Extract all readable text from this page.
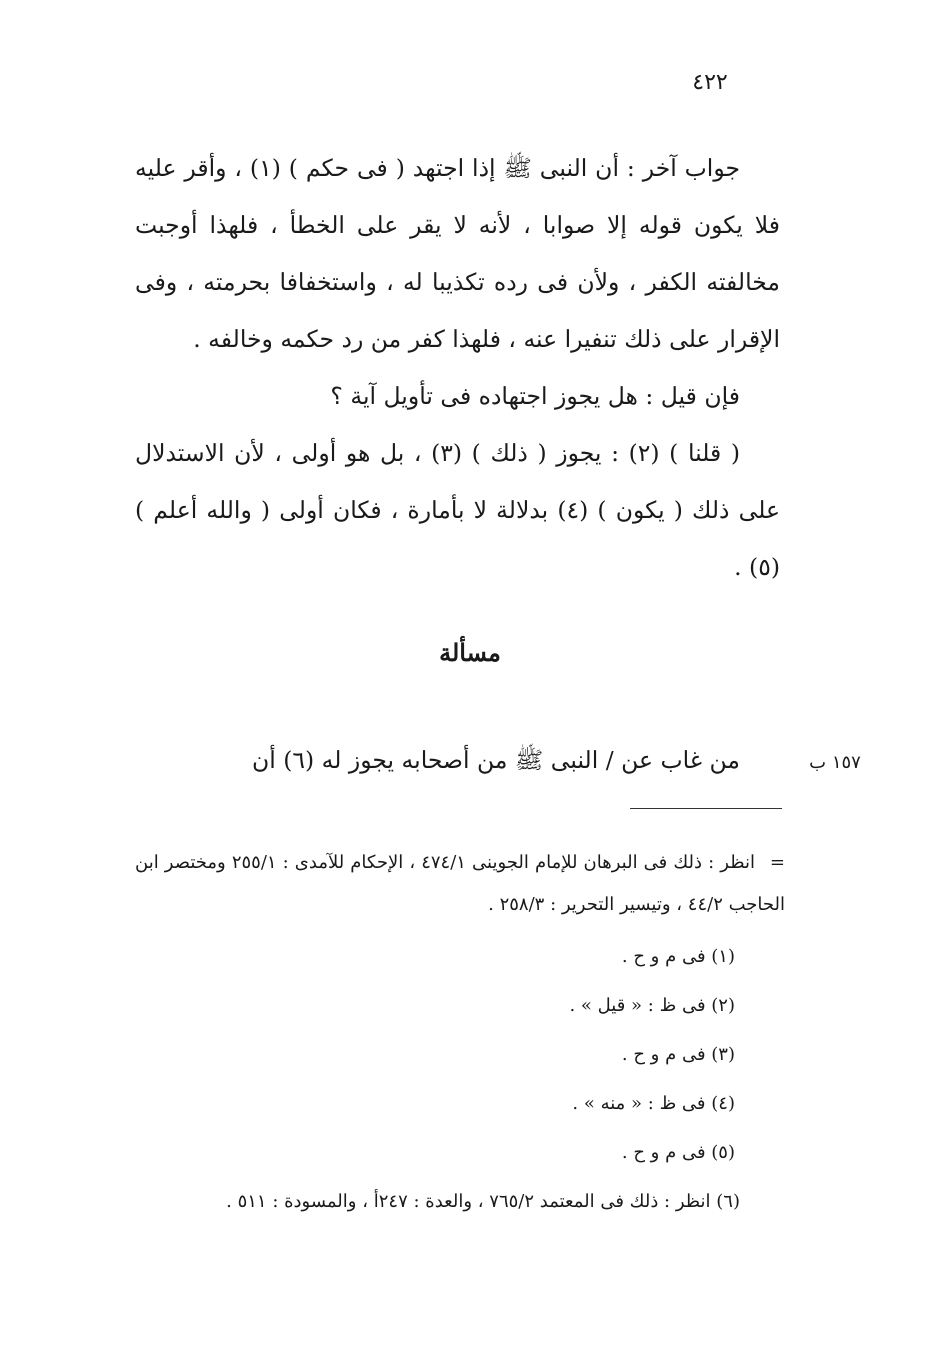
٤٢٢

جواب آخر : أن النبى ﷺ إذا اجتهد ( فى حكم ) (١) ، وأقر عليه فلا يكون قوله إلا صوابا ، لأنه لا يقر على الخطأ ، فلهذا أوجبت مخالفته الكفر ، ولأن فى رده تكذيبا له ، واستخفافا بحرمته ، وفى الإقرار على ذلك تنفيرا عنه ، فلهذا كفر من رد حكمه وخالفه .

فإن قيل : هل يجوز اجتهاده فى تأويل آية ؟

( قلنا ) (٢) : يجوز ( ذلك ) (٣) ، بل هو أولى ، لأن الاستدلال على ذلك ( يكون ) (٤) بدلالة لا بأمارة ، فكان أولى ( والله أعلم ) (٥) .

مسألة

من غاب عن / النبى ﷺ من أصحابه يجوز له (٦) أن	١٥٧ ب

=انظر : ذلك فى البرهان للإمام الجوينى ٤٧٤/١ ، الإحكام للآمدى : ٢٥٥/١ ومختصر ابن الحاجب ٤٤/٢ ، وتيسير التحرير : ٢٥٨/٣ .

(١) فى م و ح .

(٢) فى ظ : « قيل » .

(٣) فى م و ح .

(٤) فى ظ : « منه » .

(٥) فى م و ح .

(٦) انظر : ذلك فى المعتمد ٧٦٥/٢ ، والعدة : ٢٤٧أ ، والمسودة : ٥١١ .
